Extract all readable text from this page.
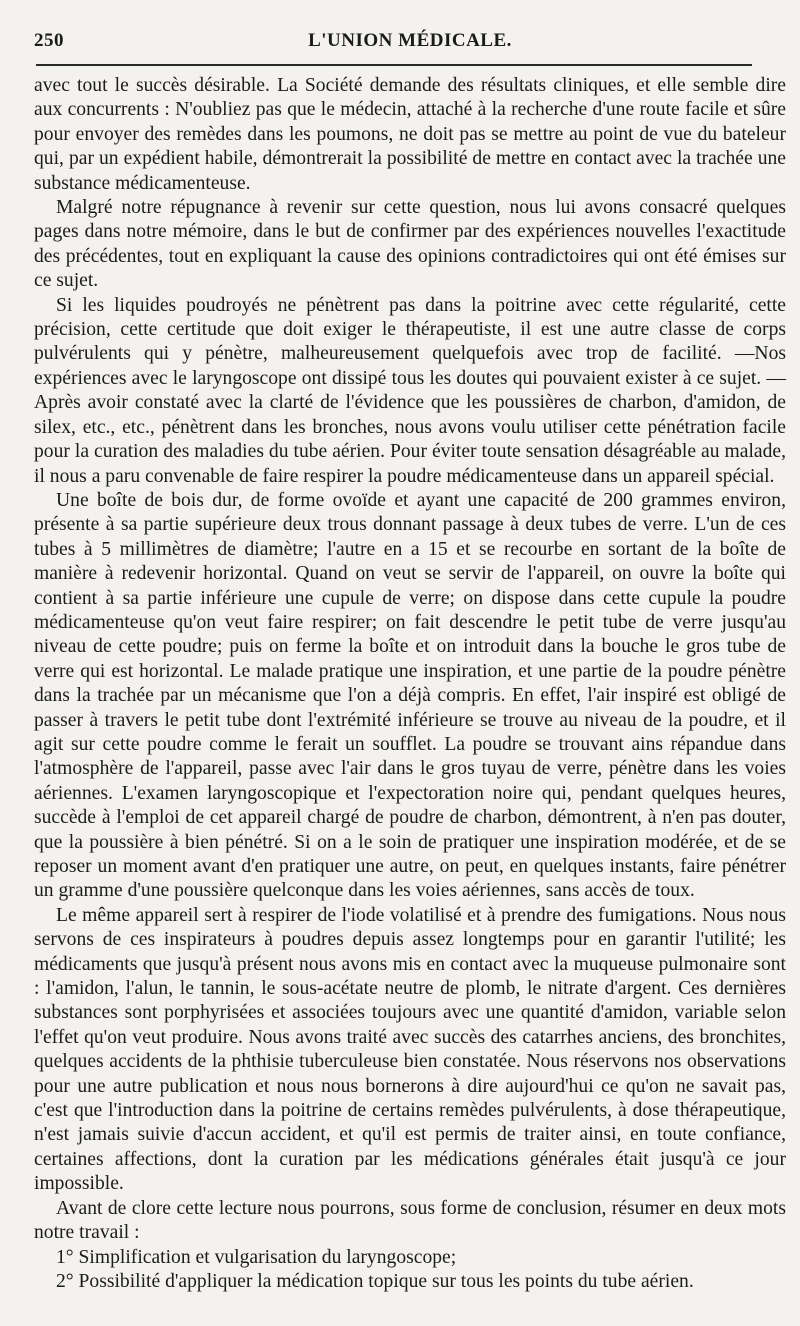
250	L'UNION MÉDICALE.

avec tout le succès désirable. La Société demande des résultats cliniques, et elle semble dire aux concurrents : N'oubliez pas que le médecin, attaché à la recherche d'une route facile et sûre pour envoyer des remèdes dans les poumons, ne doit pas se mettre au point de vue du bateleur qui, par un expédient habile, démontrerait la possibilité de mettre en contact avec la trachée une substance médicamenteuse.

Malgré notre répugnance à revenir sur cette question, nous lui avons consacré quelques pages dans notre mémoire, dans le but de confirmer par des expériences nouvelles l'exactitude des précédentes, tout en expliquant la cause des opinions contradictoires qui ont été émises sur ce sujet.

Si les liquides poudroyés ne pénètrent pas dans la poitrine avec cette régularité, cette précision, cette certitude que doit exiger le thérapeutiste, il est une autre classe de corps pulvérulents qui y pénètre, malheureusement quelquefois avec trop de facilité. —Nos expériences avec le laryngoscope ont dissipé tous les doutes qui pouvaient exister à ce sujet. —Après avoir constaté avec la clarté de l'évidence que les poussières de charbon, d'amidon, de silex, etc., etc., pénètrent dans les bronches, nous avons voulu utiliser cette pénétration facile pour la curation des maladies du tube aérien. Pour éviter toute sensation désagréable au malade, il nous a paru convenable de faire respirer la poudre médicamenteuse dans un appareil spécial.

Une boîte de bois dur, de forme ovoïde et ayant une capacité de 200 grammes environ, présente à sa partie supérieure deux trous donnant passage à deux tubes de verre. L'un de ces tubes à 5 millimètres de diamètre; l'autre en a 15 et se recourbe en sortant de la boîte de manière à redevenir horizontal. Quand on veut se servir de l'appareil, on ouvre la boîte qui contient à sa partie inférieure une cupule de verre; on dispose dans cette cupule la poudre médicamenteuse qu'on veut faire respirer; on fait descendre le petit tube de verre jusqu'au niveau de cette poudre; puis on ferme la boîte et on introduit dans la bouche le gros tube de verre qui est horizontal. Le malade pratique une inspiration, et une partie de la poudre pénètre dans la trachée par un mécanisme que l'on a déjà compris. En effet, l'air inspiré est obligé de passer à travers le petit tube dont l'extrémité inférieure se trouve au niveau de la poudre, et il agit sur cette poudre comme le ferait un soufflet. La poudre se trouvant ains répandue dans l'atmosphère de l'appareil, passe avec l'air dans le gros tuyau de verre, pénètre dans les voies aériennes. L'examen laryngoscopique et l'expectoration noire qui, pendant quelques heures, succède à l'emploi de cet appareil chargé de poudre de charbon, démontrent, à n'en pas douter, que la poussière à bien pénétré. Si on a le soin de pratiquer une inspiration modérée, et de se reposer un moment avant d'en pratiquer une autre, on peut, en quelques instants, faire pénétrer un gramme d'une poussière quelconque dans les voies aériennes, sans accès de toux.

Le même appareil sert à respirer de l'iode volatilisé et à prendre des fumigations. Nous nous servons de ces inspirateurs à poudres depuis assez longtemps pour en garantir l'utilité; les médicaments que jusqu'à présent nous avons mis en contact avec la muqueuse pulmonaire sont : l'amidon, l'alun, le tannin, le sous-acétate neutre de plomb, le nitrate d'argent. Ces dernières substances sont porphyrisées et associées toujours avec une quantité d'amidon, variable selon l'effet qu'on veut produire. Nous avons traité avec succès des catarrhes anciens, des bronchites, quelques accidents de la phthisie tuberculeuse bien constatée. Nous réservons nos observations pour une autre publication et nous nous bornerons à dire aujourd'hui ce qu'on ne savait pas, c'est que l'introduction dans la poitrine de certains remèdes pulvérulents, à dose thérapeutique, n'est jamais suivie d'accun accident, et qu'il est permis de traiter ainsi, en toute confiance, certaines affections, dont la curation par les médications générales était jusqu'à ce jour impossible.

Avant de clore cette lecture nous pourrons, sous forme de conclusion, résumer en deux mots notre travail :

1° Simplification et vulgarisation du laryngoscope;

2° Possibilité d'appliquer la médication topique sur tous les points du tube aérien.
